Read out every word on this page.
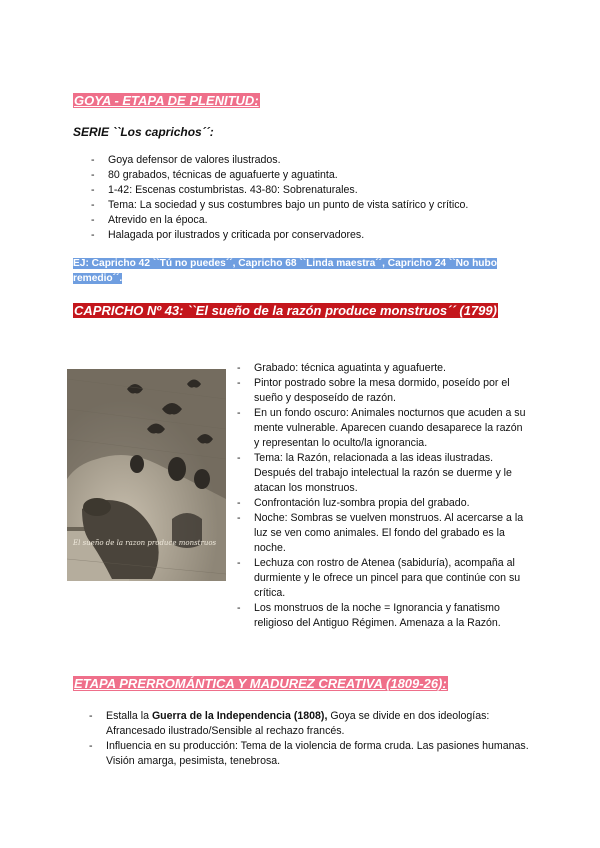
GOYA - ETAPA DE PLENITUD:
SERIE ``Los caprichos´´:
- Goya defensor de valores ilustrados.
- 80 grabados, técnicas de aguafuerte y aguatinta.
- 1-42: Escenas costumbristas. 43-80: Sobrenaturales.
- Tema: La sociedad y sus costumbres bajo un punto de vista satírico y crítico.
- Atrevido en la época.
- Halagada por ilustrados y criticada por conservadores.
EJ: Capricho 42 ``Tú no puedes´´, Capricho 68 ``Linda maestra´´, Capricho 24 ``No hubo remedio´´.
CAPRICHO Nº 43: ``El sueño de la razón produce monstruos´´ (1799)
El sueño de la razon produce monstruos
- Grabado: técnica aguatinta y aguafuerte.
- Pintor postrado sobre la mesa dormido, poseído por el sueño y desposeído de razón.
- En un fondo oscuro: Animales nocturnos que acuden a su mente vulnerable. Aparecen cuando desaparece la razón y representan lo oculto/la ignorancia.
- Tema: la Razón, relacionada a las ideas ilustradas. Después del trabajo intelectual la razón se duerme y le atacan los monstruos.
- Confrontación luz-sombra propia del grabado.
- Noche: Sombras se vuelven monstruos. Al acercarse a la luz se ven como animales. El fondo del grabado es la noche.
- Lechuza con rostro de Atenea (sabiduría), acompaña al durmiente y le ofrece un pincel para que continúe con su crítica.
- Los monstruos de la noche = Ignorancia y fanatismo religioso del Antiguo Régimen. Amenaza a la Razón.
ETAPA PRERROMÁNTICA Y MADUREZ CREATIVA (1809-26):
- Estalla la Guerra de la Independencia (1808), Goya se divide en dos ideologías: Afrancesado ilustrado/Sensible al rechazo francés.
- Influencia en su producción: Tema de la violencia de forma cruda. Las pasiones humanas. Visión amarga, pesimista, tenebrosa.
